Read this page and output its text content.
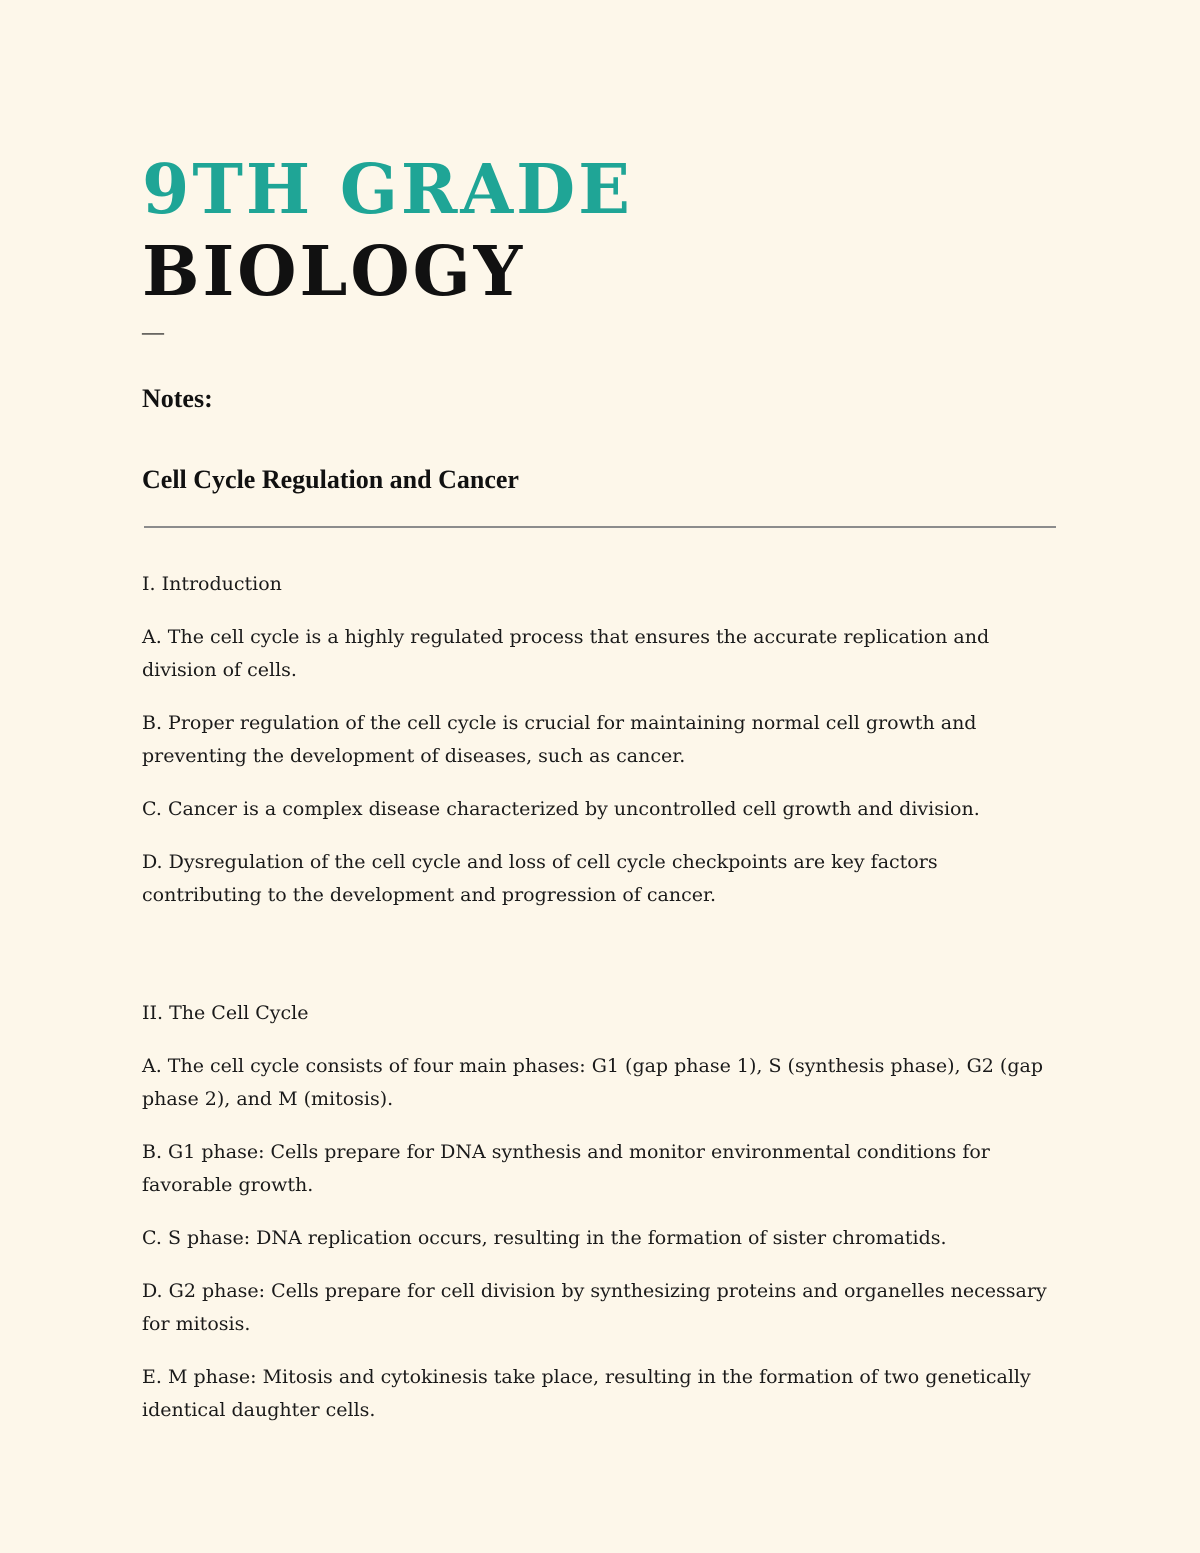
9TH GRADE
BIOLOGY
—
Notes:
Cell Cycle Regulation and Cancer
I. Introduction
A. The cell cycle is a highly regulated process that ensures the accurate replication and division of cells.
B. Proper regulation of the cell cycle is crucial for maintaining normal cell growth and preventing the development of diseases, such as cancer.
C. Cancer is a complex disease characterized by uncontrolled cell growth and division.
D. Dysregulation of the cell cycle and loss of cell cycle checkpoints are key factors contributing to the development and progression of cancer.
II. The Cell Cycle
A. The cell cycle consists of four main phases: G1 (gap phase 1), S (synthesis phase), G2 (gap phase 2), and M (mitosis).
B. G1 phase: Cells prepare for DNA synthesis and monitor environmental conditions for favorable growth.
C. S phase: DNA replication occurs, resulting in the formation of sister chromatids.
D. G2 phase: Cells prepare for cell division by synthesizing proteins and organelles necessary for mitosis.
E. M phase: Mitosis and cytokinesis take place, resulting in the formation of two genetically identical daughter cells.
